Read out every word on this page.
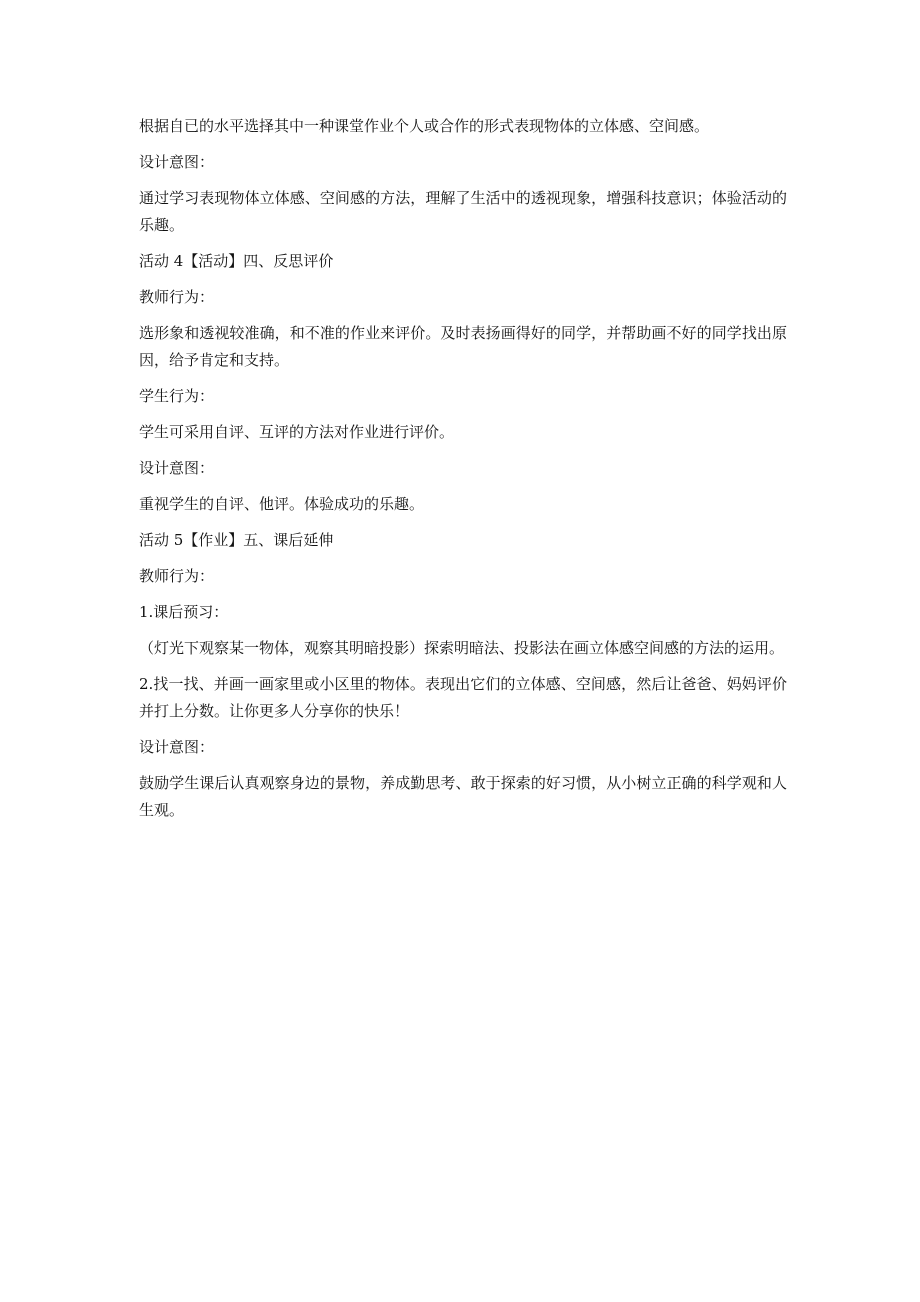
根据自已的水平选择其中一种课堂作业个人或合作的形式表现物体的立体感、空间感。

设计意图：

通过学习表现物体立体感、空间感的方法，理解了生活中的透视现象，增强科技意识；体验活动的乐趣。

活动 4【活动】四、反思评价

教师行为：

选形象和透视较准确，和不准的作业来评价。及时表扬画得好的同学，并帮助画不好的同学找出原因，给予肯定和支持。

学生行为：

学生可采用自评、互评的方法对作业进行评价。

设计意图：

重视学生的自评、他评。体验成功的乐趣。

活动 5【作业】五、课后延伸

教师行为：

1.课后预习：

（灯光下观察某一物体，观察其明暗投影）探索明暗法、投影法在画立体感空间感的方法的运用。

2.找一找、并画一画家里或小区里的物体。表现出它们的立体感、空间感，然后让爸爸、妈妈评价并打上分数。让你更多人分享你的快乐！

设计意图：

鼓励学生课后认真观察身边的景物，养成勤思考、敢于探索的好习惯，从小树立正确的科学观和人生观。
